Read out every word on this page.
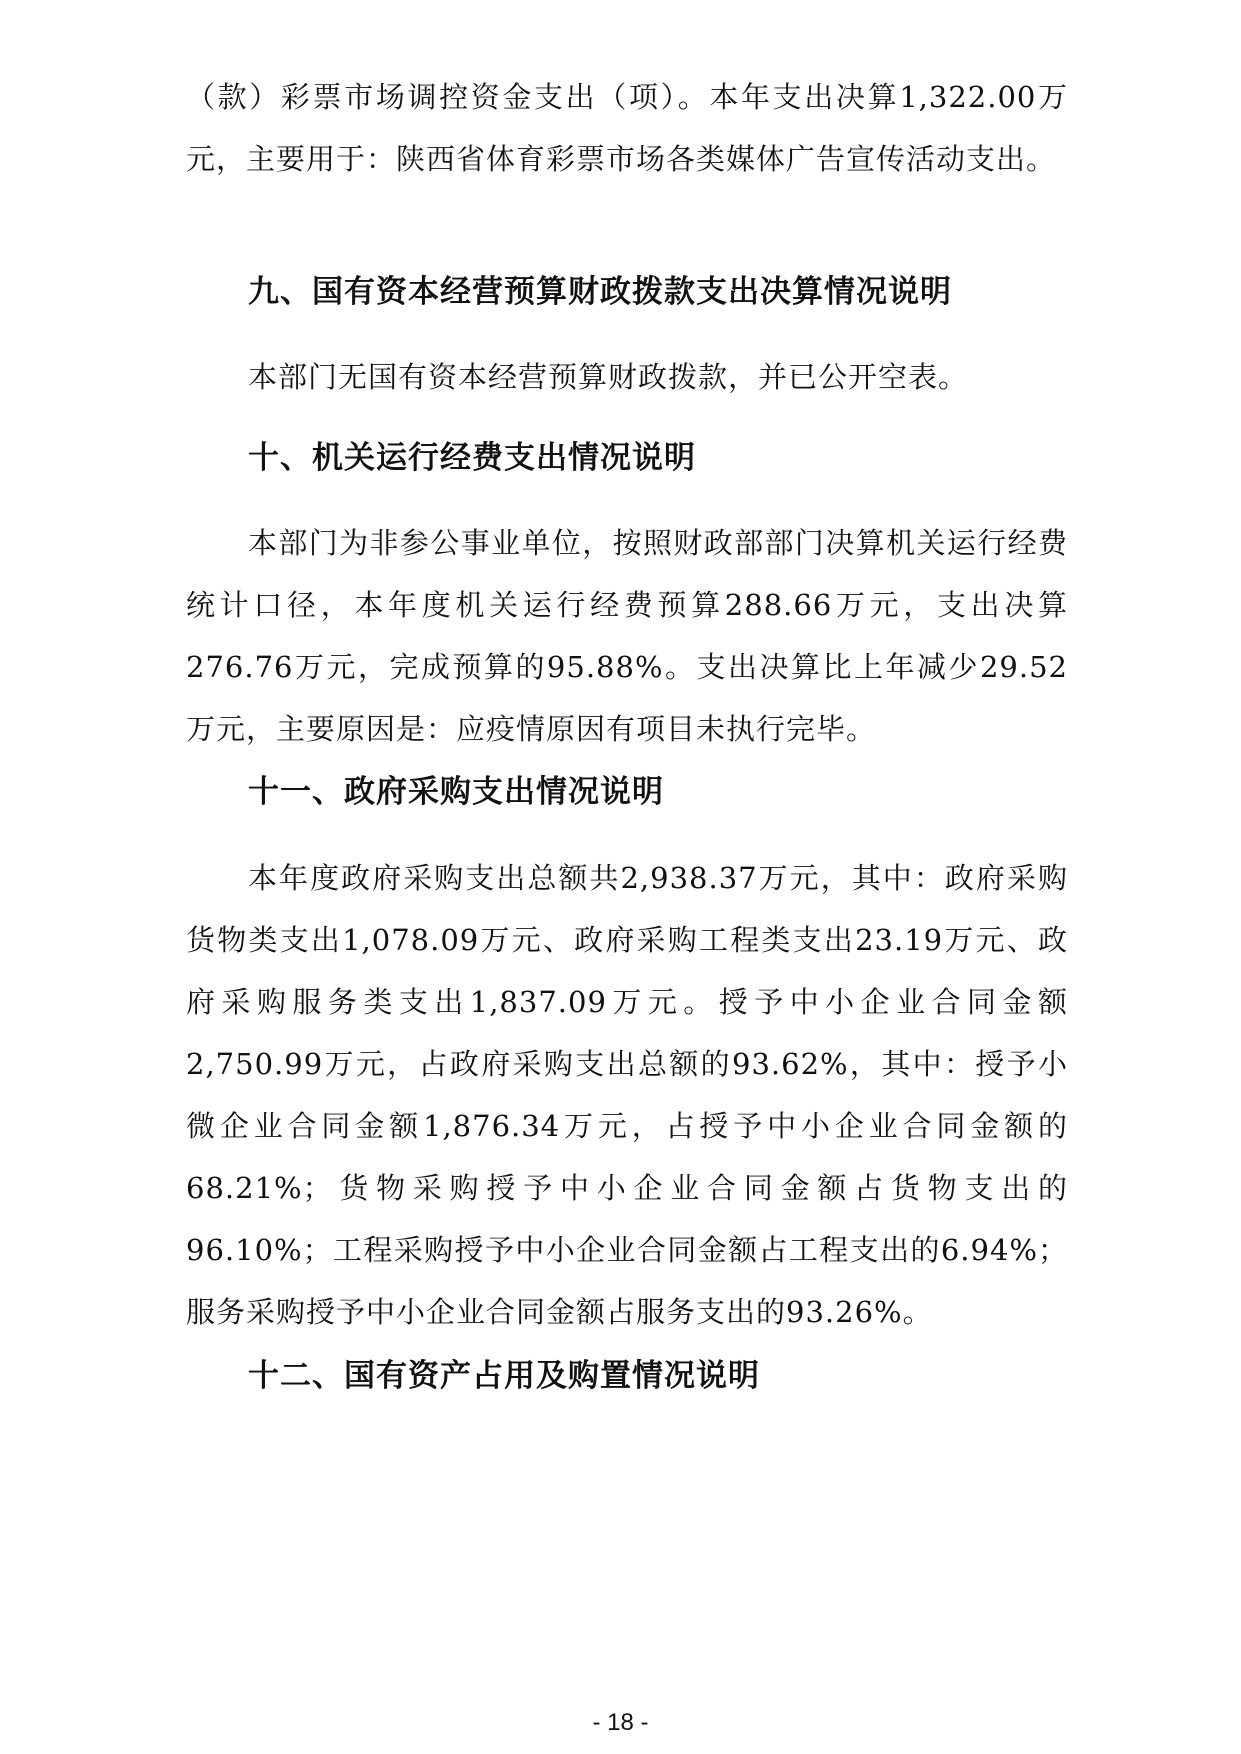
（款）彩票市场调控资金支出（项）。本年支出决算1,322.00万元，主要用于：陕西省体育彩票市场各类媒体广告宣传活动支出。

九、国有资本经营预算财政拨款支出决算情况说明

本部门无国有资本经营预算财政拨款，并已公开空表。

十、机关运行经费支出情况说明

本部门为非参公事业单位，按照财政部部门决算机关运行经费统计口径，本年度机关运行经费预算288.66万元，支出决算276.76万元，完成预算的95.88%。支出决算比上年减少29.52万元，主要原因是：应疫情原因有项目未执行完毕。

十一、政府采购支出情况说明

本年度政府采购支出总额共2,938.37万元，其中：政府采购货物类支出1,078.09万元、政府采购工程类支出23.19万元、政府采购服务类支出1,837.09万元。授予中小企业合同金额2,750.99万元，占政府采购支出总额的93.62%，其中：授予小微企业合同金额1,876.34万元，占授予中小企业合同金额的68.21%；货物采购授予中小企业合同金额占货物支出的96.10%；工程采购授予中小企业合同金额占工程支出的6.94%；服务采购授予中小企业合同金额占服务支出的93.26%。

十二、国有资产占用及购置情况说明
- 18 -
